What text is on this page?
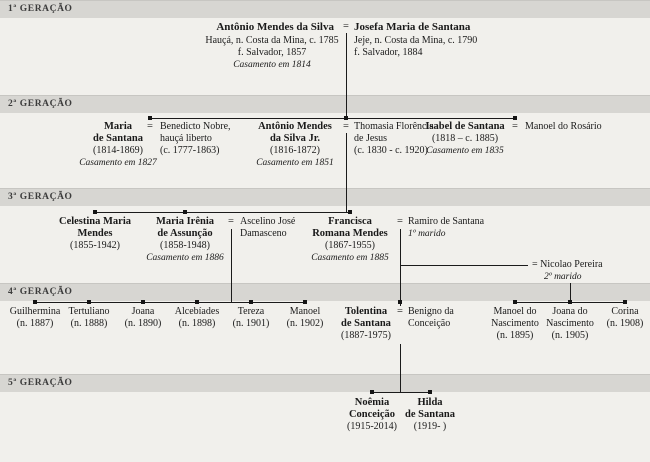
1ª GERAÇÃO
2ª GERAÇÃO
3ª GERAÇÃO
4ª GERAÇÃO
5ª GERAÇÃO
Antônio Mendes da Silva = Josefa Maria de Santana
Hauçá, n. Costa da Mina, c. 1785
f. Salvador, 1857
Casamento em 1814
Jeje, n. Costa da Mina, c. 1790
f. Salvador, 1884
Maria
de Santana
(1814-1869)
Casamento em 1827
= Benedicto Nobre,
hauçá liberto
(c. 1777-1863)
Antônio Mendes
da Silva Jr.
(1816-1872)
Casamento em 1851
= Thomasia Florência
de Jesus
(c. 1830 - c. 1920)
Isabel de Santana
(1818 – c. 1885)
Casamento em 1835
= Manoel do Rosário
Celestina Maria
Mendes
(1855-1942)
Maria Irênia
de Assunção
(1858-1948)
Casamento em 1886
= Ascelino José
Damasceno
Francisca
Romana Mendes
(1867-1955)
Casamento em 1885
= Ramiro de Santana
1º marido
= Nicolao Pereira
2º marido
Guilhermina
(n. 1887)
Tertuliano
(n. 1888)
Joana
(n. 1890)
Alcebíades
(n. 1898)
Tereza
(n. 1901)
Manoel
(n. 1902)
Tolentina
de Santana
(1887-1975)
= Benigno da
Conceição
Manoel do
Nascimento
(n. 1895)
Joana do
Nascimento
(n. 1905)
Corina
(n. 1908)
Noêmia
Conceição
(1915-2014)
Hilda
de Santana
(1919- )
